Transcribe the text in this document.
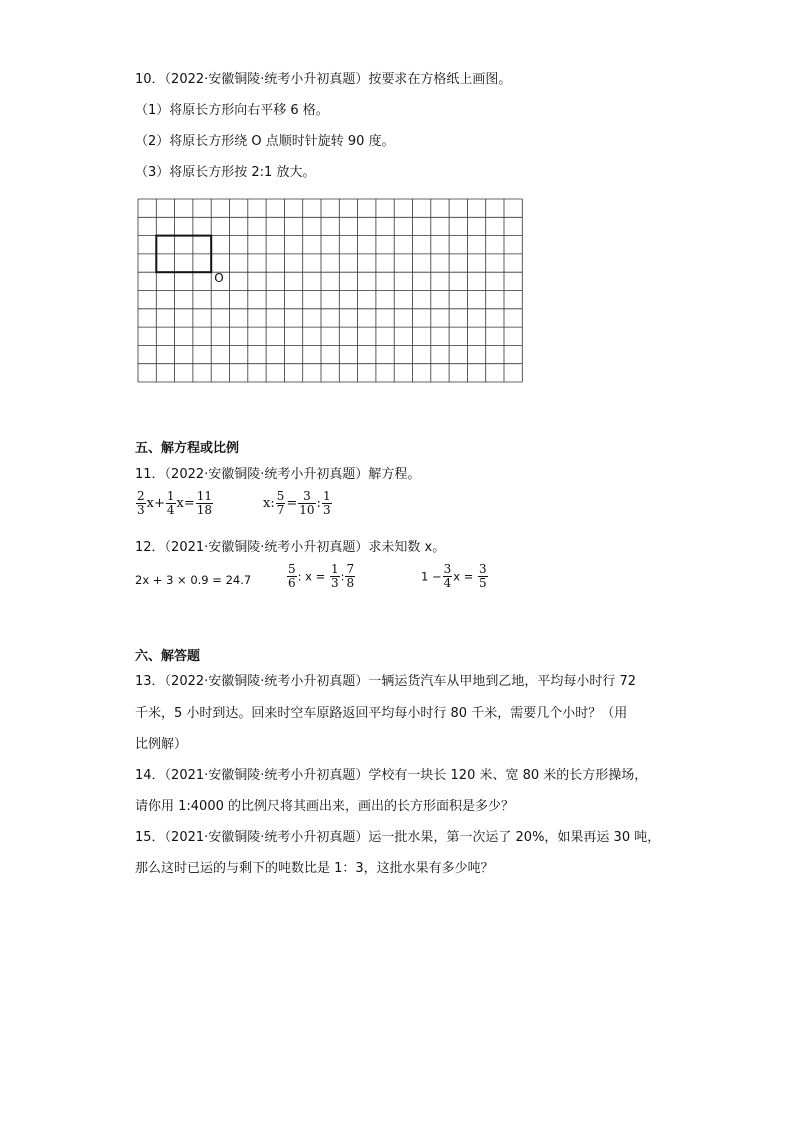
10．（2022·安徽铜陵·统考小升初真题）按要求在方格纸上画图。
（1）将原长方形向右平移 6 格。
（2）将原长方形绕 O 点顺时针旋转 90 度。
（3）将原长方形按 2:1 放大。
O
五、解方程或比例
11．（2022·安徽铜陵·统考小升初真题）解方程。
$\frac{2}{3} x+ \frac{1}{4} x= \frac{11}{18}$	x: $\frac{5}{7} = \frac{3}{10}$ : $\frac{1}{3}$
12．（2021·安徽铜陵·统考小升初真题）求未知数 x。
2x + 3 × 0.9 = 24.7	$\frac{5}{6}$ : $x = \frac{1}{3}$ : $\frac{7}{8}$	$1 - \frac{3}{4}$ $x = \frac{3}{5}$
六、解答题
13．（2022·安徽铜陵·统考小升初真题）一辆运货汽车从甲地到乙地，平均每小时行 72
千米，5 小时到达。回来时空车原路返回平均每小时行 80 千米，需要几个小时？（用
比例解）
14．（2021·安徽铜陵·统考小升初真题）学校有一块长 120 米、宽 80 米的长方形操场，
请你用 1:4000 的比例尺将其画出来，画出的长方形面积是多少？
15．（2021·安徽铜陵·统考小升初真题）运一批水果，第一次运了 20%，如果再运 30 吨，
那么这时已运的与剩下的吨数比是 1：3，这批水果有多少吨？
